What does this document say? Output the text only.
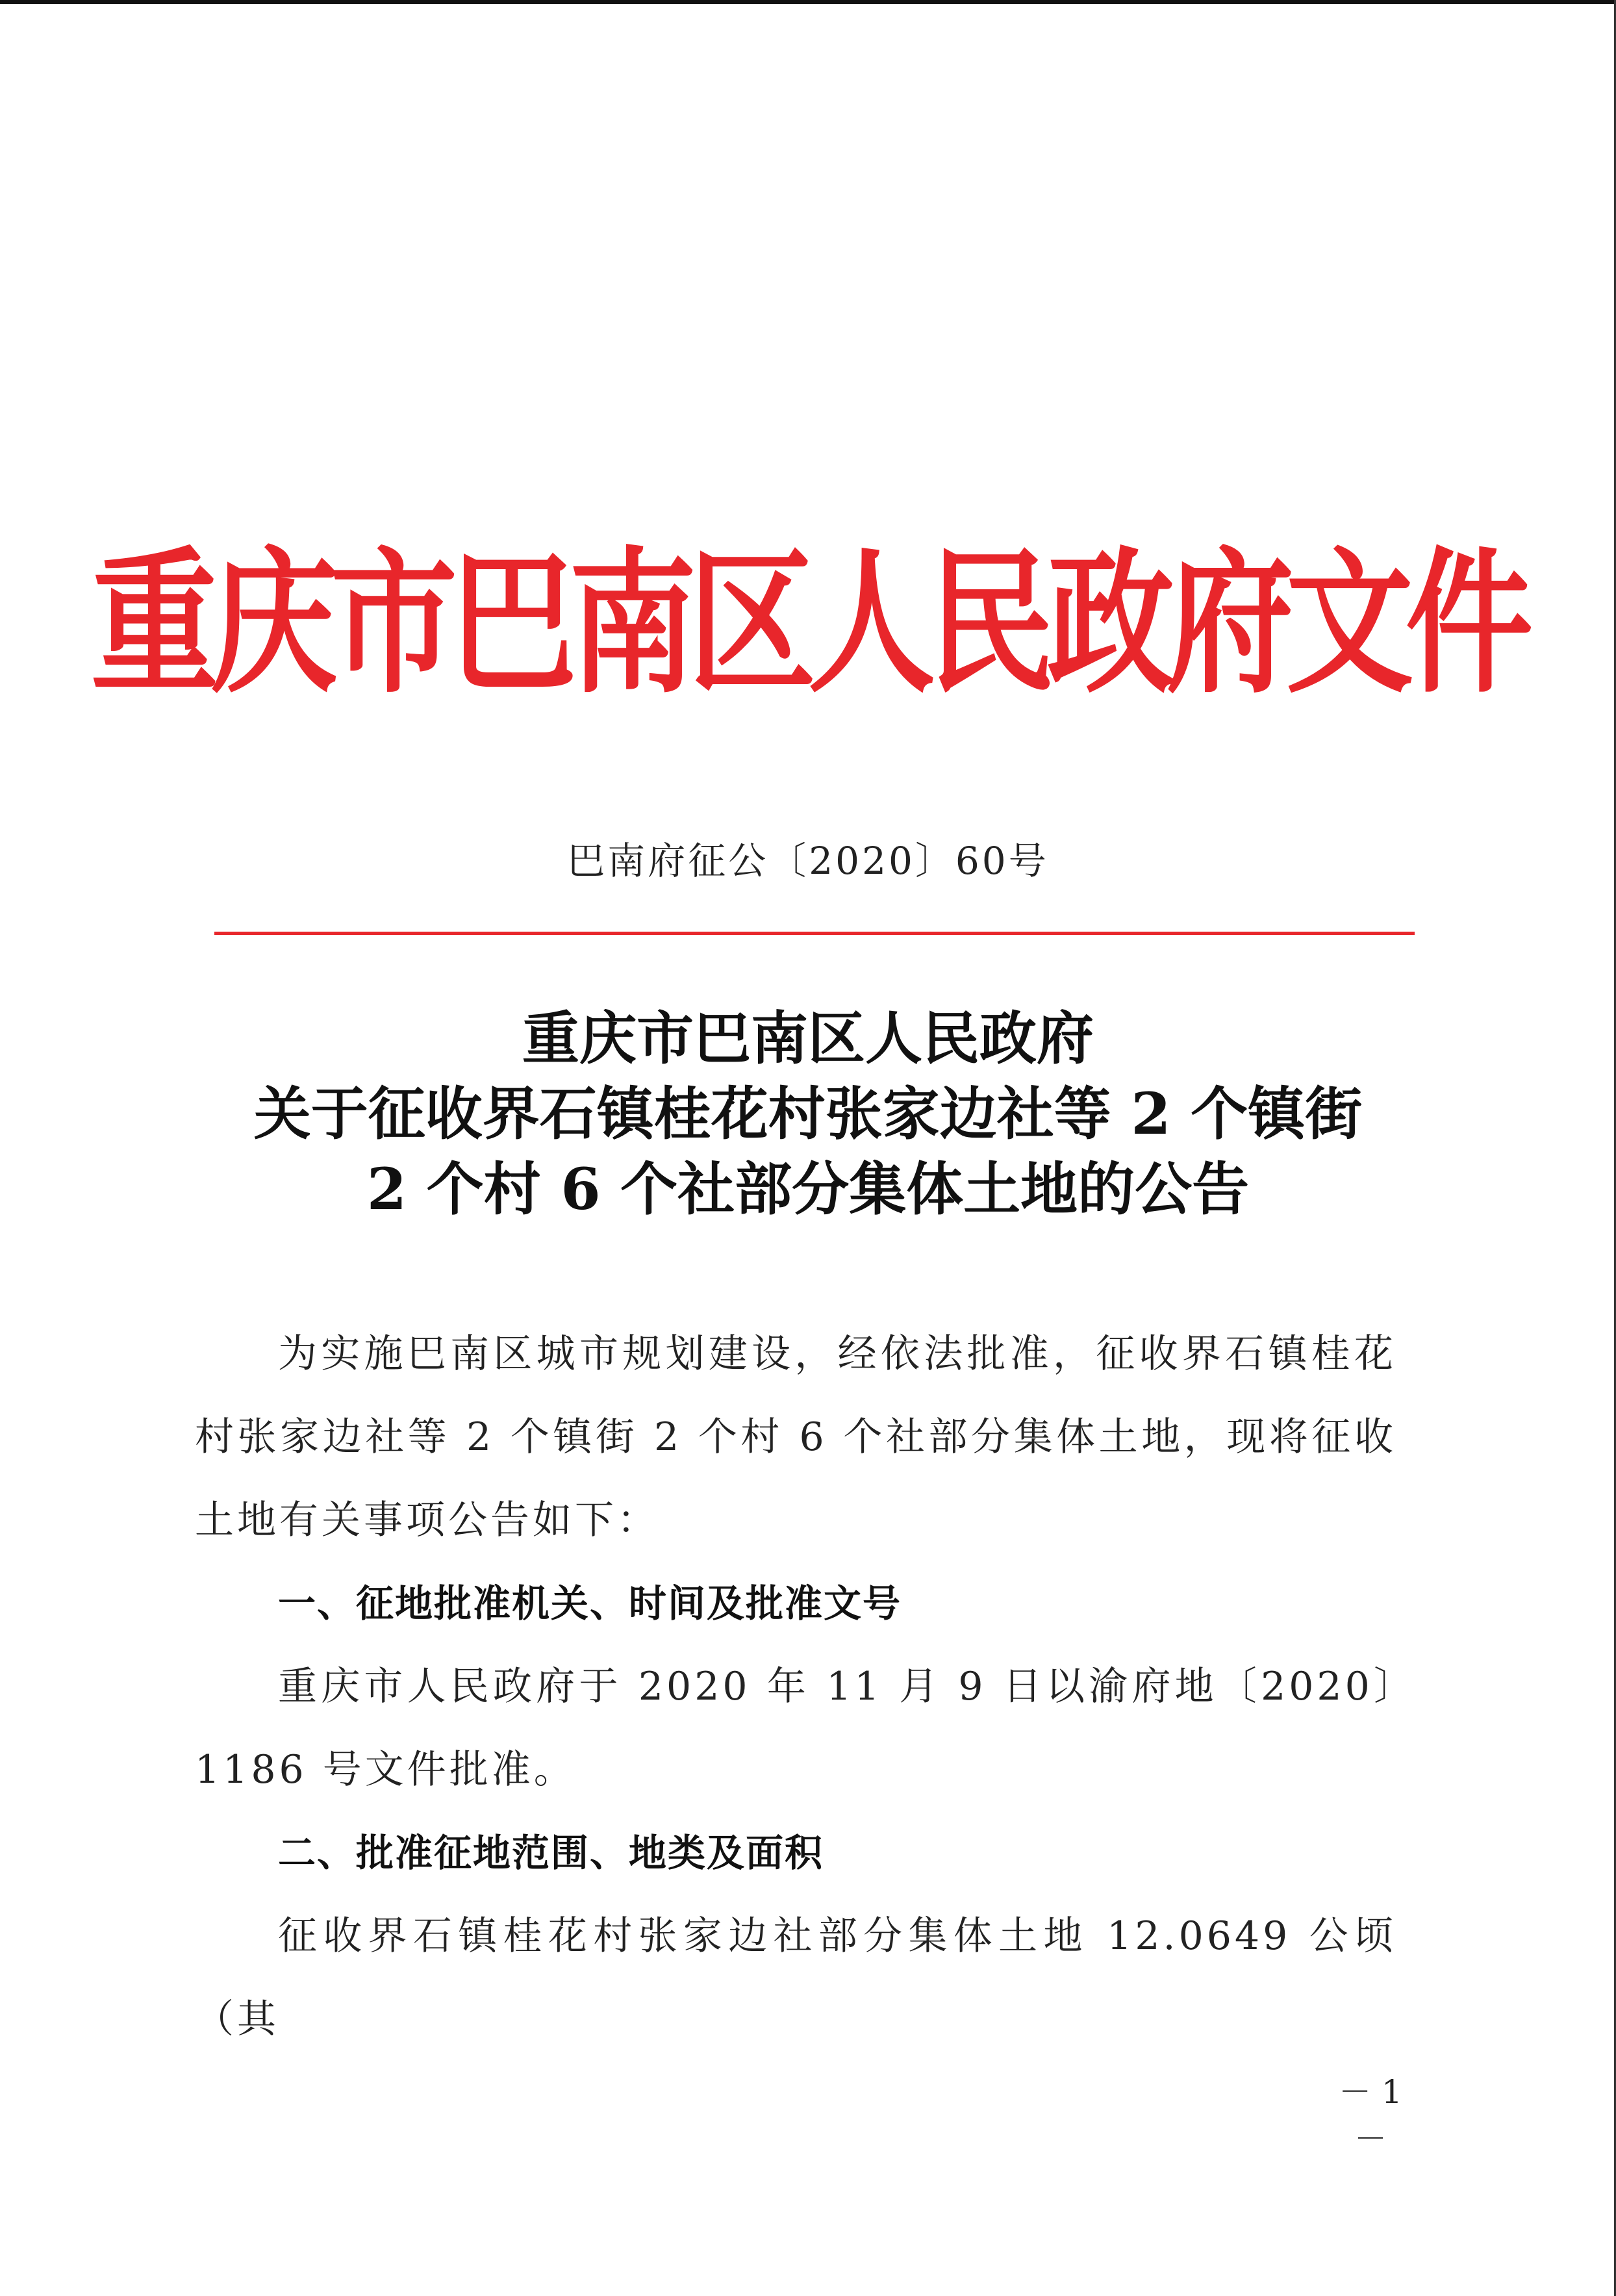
重庆市巴南区人民政府文件
巴南府征公〔2020〕60号
重庆市巴南区人民政府
关于征收界石镇桂花村张家边社等 2 个镇街
2 个村 6 个社部分集体土地的公告

为实施巴南区城市规划建设，经依法批准，征收界石镇桂花村张家边社等 2 个镇街 2 个村 6 个社部分集体土地，现将征收土地有关事项公告如下：

一、征地批准机关、时间及批准文号

重庆市人民政府于 2020 年 11 月 9 日以渝府地〔2020〕1186 号文件批准。

二、批准征地范围、地类及面积

征收界石镇桂花村张家边社部分集体土地 12.0649 公顷（其

－ 1 －
